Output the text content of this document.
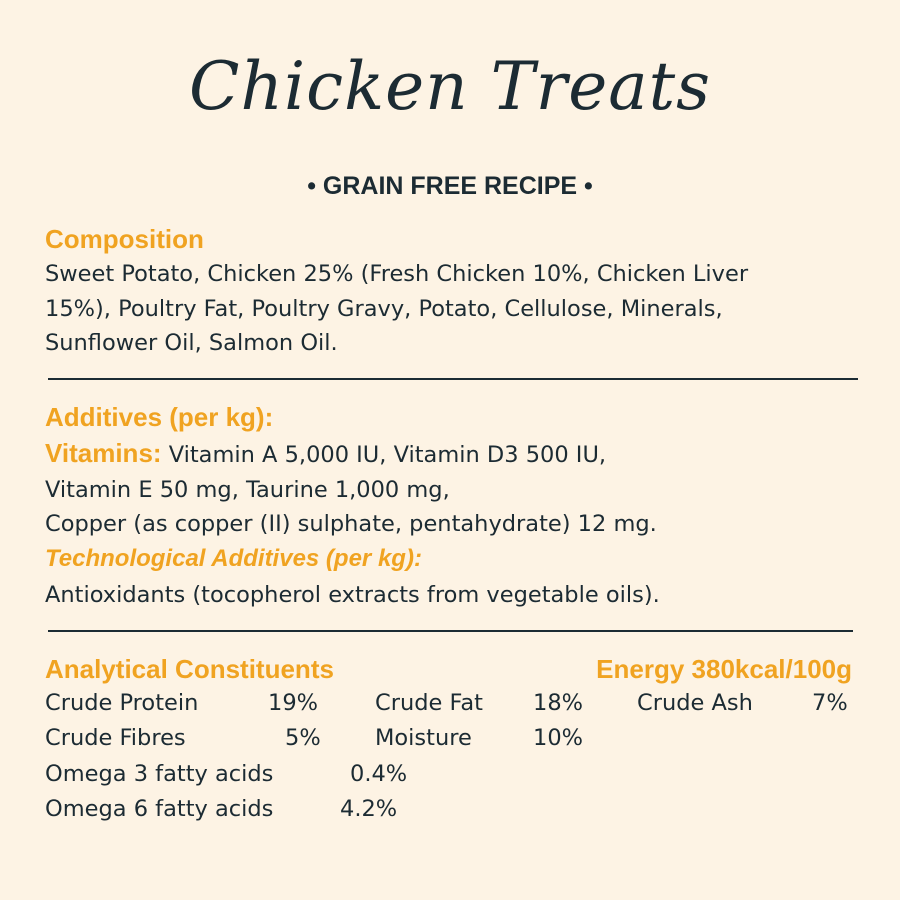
Chicken Treats
• GRAIN FREE RECIPE •
Composition
Sweet Potato, Chicken 25% (Fresh Chicken 10%, Chicken Liver
15%), Poultry Fat, Poultry Gravy, Potato, Cellulose, Minerals,
Sunflower Oil, Salmon Oil.
Additives (per kg):
Vitamins: Vitamin A 5,000 IU, Vitamin D3 500 IU,
Vitamin E 50 mg, Taurine 1,000 mg,
Copper (as copper (II) sulphate, pentahydrate) 12 mg.
Technological Additives (per kg):
Antioxidants (tocopherol extracts from vegetable oils).
Analytical Constituents	Energy 380kcal/100g
Crude Protein	19%	Crude Fat 18% Crude Ash	7%
Crude Fibres	5% Moisture	10%
Omega 3 fatty acids	0.4%
Omega 6 fatty acids	4.2%
